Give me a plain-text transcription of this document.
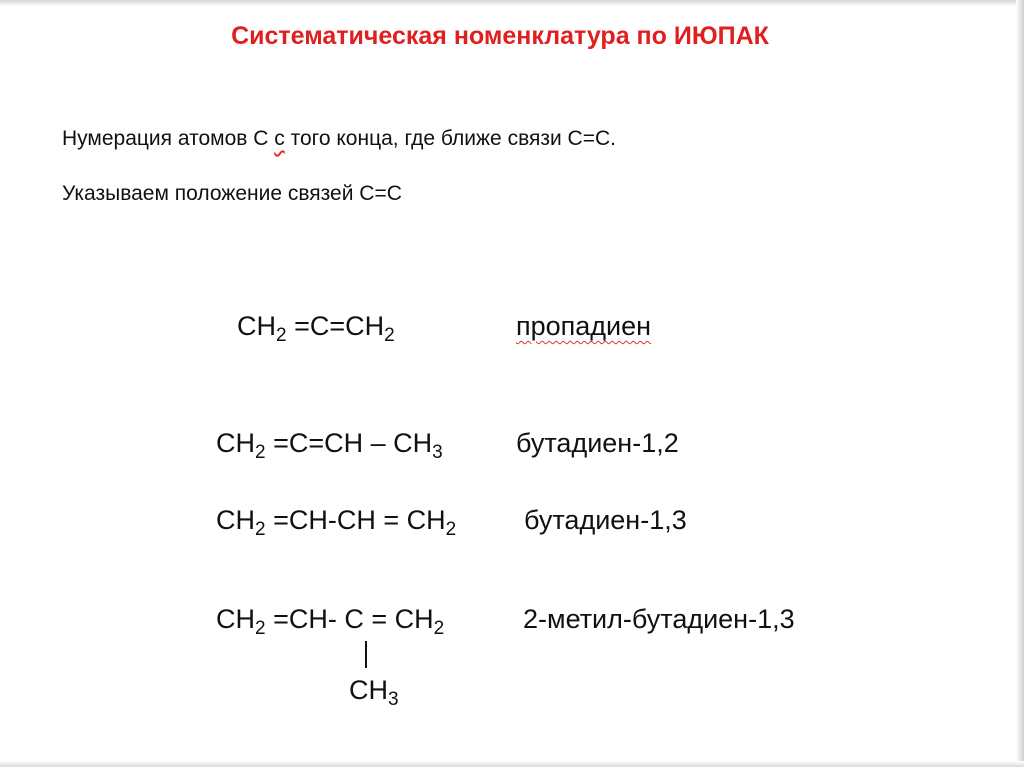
Систематическая номенклатура по ИЮПАК
Нумерация атомов С с того конца, где ближе связи С=С.
Указываем положение связей С=С
$CH_2 =C=CH_2$	пропадиен
$CH_2 =C=CH - CH_3$	бутадиен-1,2
$CH_2 =CH-CH = CH_2$	бутадиен-1,3
$CH_2 =CH-$ $C = CH_2$	2-метил-бутадиен-1,3
$CH_3$
